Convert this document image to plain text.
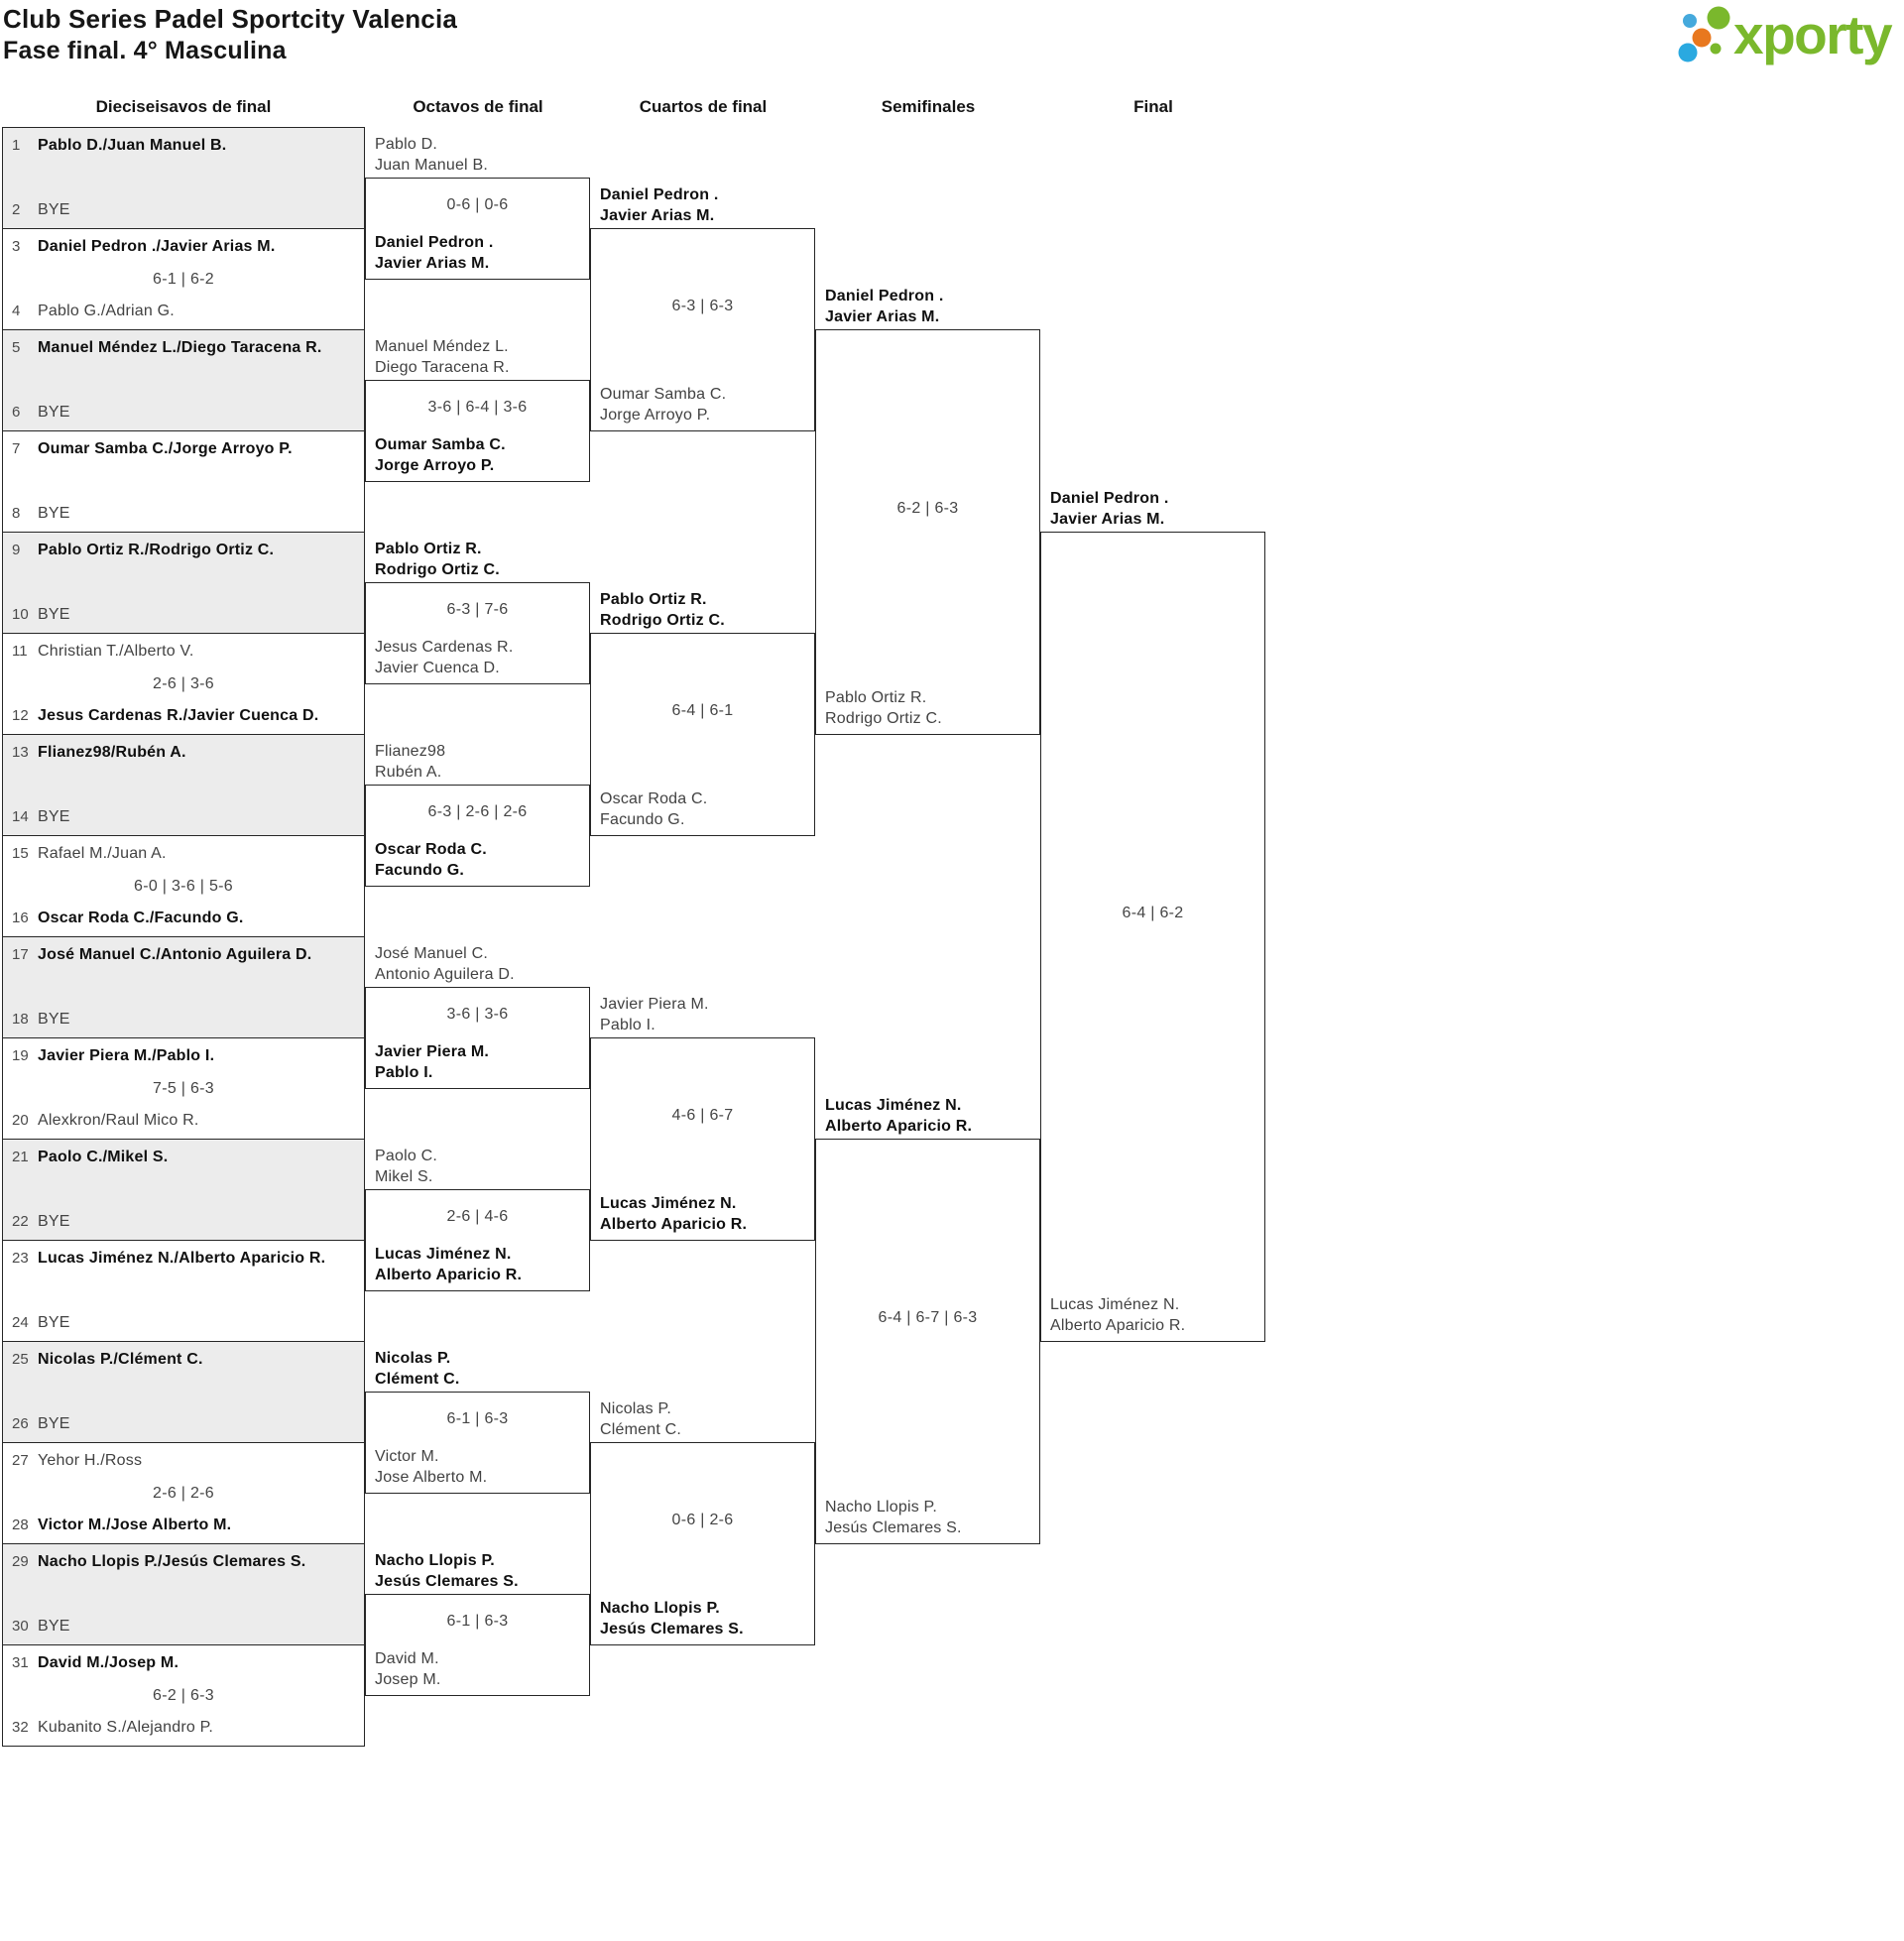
Club Series Padel Sportcity Valencia
Fase final. 4° Masculina	xporty
Dieciseisavos de final	Octavos de final	Cuartos de final	Semifinales	Final
1	Pablo D./Juan Manuel B.
2	BYE
3	Daniel Pedron ./Javier Arias M.
6-1 | 6-2
4	Pablo G./Adrian G.
5	Manuel Méndez L./Diego Taracena R.
6	BYE
7	Oumar Samba C./Jorge Arroyo P.
8	BYE
9	Pablo Ortiz R./Rodrigo Ortiz C.
10 BYE
11 Christian T./Alberto V.
2-6 | 3-6
12 Jesus Cardenas R./Javier Cuenca D.
13 Flianez98/Rubén A.
14 BYE
15 Rafael M./Juan A.
6-0 | 3-6 | 5-6
16 Oscar Roda C./Facundo G.
17 José Manuel C./Antonio Aguilera D.
18 BYE
19 Javier Piera M./Pablo I.
7-5 | 6-3
20 Alexkron/Raul Mico R.
21 Paolo C./Mikel S.
22 BYE
23 Lucas Jiménez N./Alberto Aparicio R.
24 BYE
25 Nicolas P./Clément C.
26 BYE
27 Yehor H./Ross
2-6 | 2-6
28 Victor M./Jose Alberto M.
29 Nacho Llopis P./Jesús Clemares S.
30 BYE
31 David M./Josep M.
6-2 | 6-3
32 Kubanito S./Alejandro P.
Pablo D.
Juan Manuel B.
0-6 | 0-6
Daniel Pedron .
Javier Arias M.
Manuel Méndez L.
Diego Taracena R.
3-6 | 6-4 | 3-6
Oumar Samba C.
Jorge Arroyo P.
Pablo Ortiz R.
Rodrigo Ortiz C.
6-3 | 7-6
Jesus Cardenas R.
Javier Cuenca D.
Flianez98
Rubén A.
6-3 | 2-6 | 2-6
Oscar Roda C.
Facundo G.
José Manuel C.
Antonio Aguilera D.
3-6 | 3-6
Javier Piera M.
Pablo I.
Paolo C.
Mikel S.
2-6 | 4-6
Lucas Jiménez N.
Alberto Aparicio R.
Nicolas P.
Clément C.
6-1 | 6-3
Victor M.
Jose Alberto M.
Nacho Llopis P.
Jesús Clemares S.
6-1 | 6-3
David M.
Josep M.
Daniel Pedron .
Javier Arias M.
6-3 | 6-3
Oumar Samba C.
Jorge Arroyo P.
Pablo Ortiz R.
Rodrigo Ortiz C.
6-4 | 6-1
Oscar Roda C.
Facundo G.
Javier Piera M.
Pablo I.
4-6 | 6-7
Lucas Jiménez N.
Alberto Aparicio R.
Nicolas P.
Clément C.
0-6 | 2-6
Nacho Llopis P.
Jesús Clemares S.
Daniel Pedron .
Javier Arias M.
6-2 | 6-3
Pablo Ortiz R.
Rodrigo Ortiz C.
Lucas Jiménez N.
Alberto Aparicio R.
6-4 | 6-7 | 6-3
Nacho Llopis P.
Jesús Clemares S.
Daniel Pedron .
Javier Arias M.
6-4 | 6-2
Lucas Jiménez N.
Alberto Aparicio R.
